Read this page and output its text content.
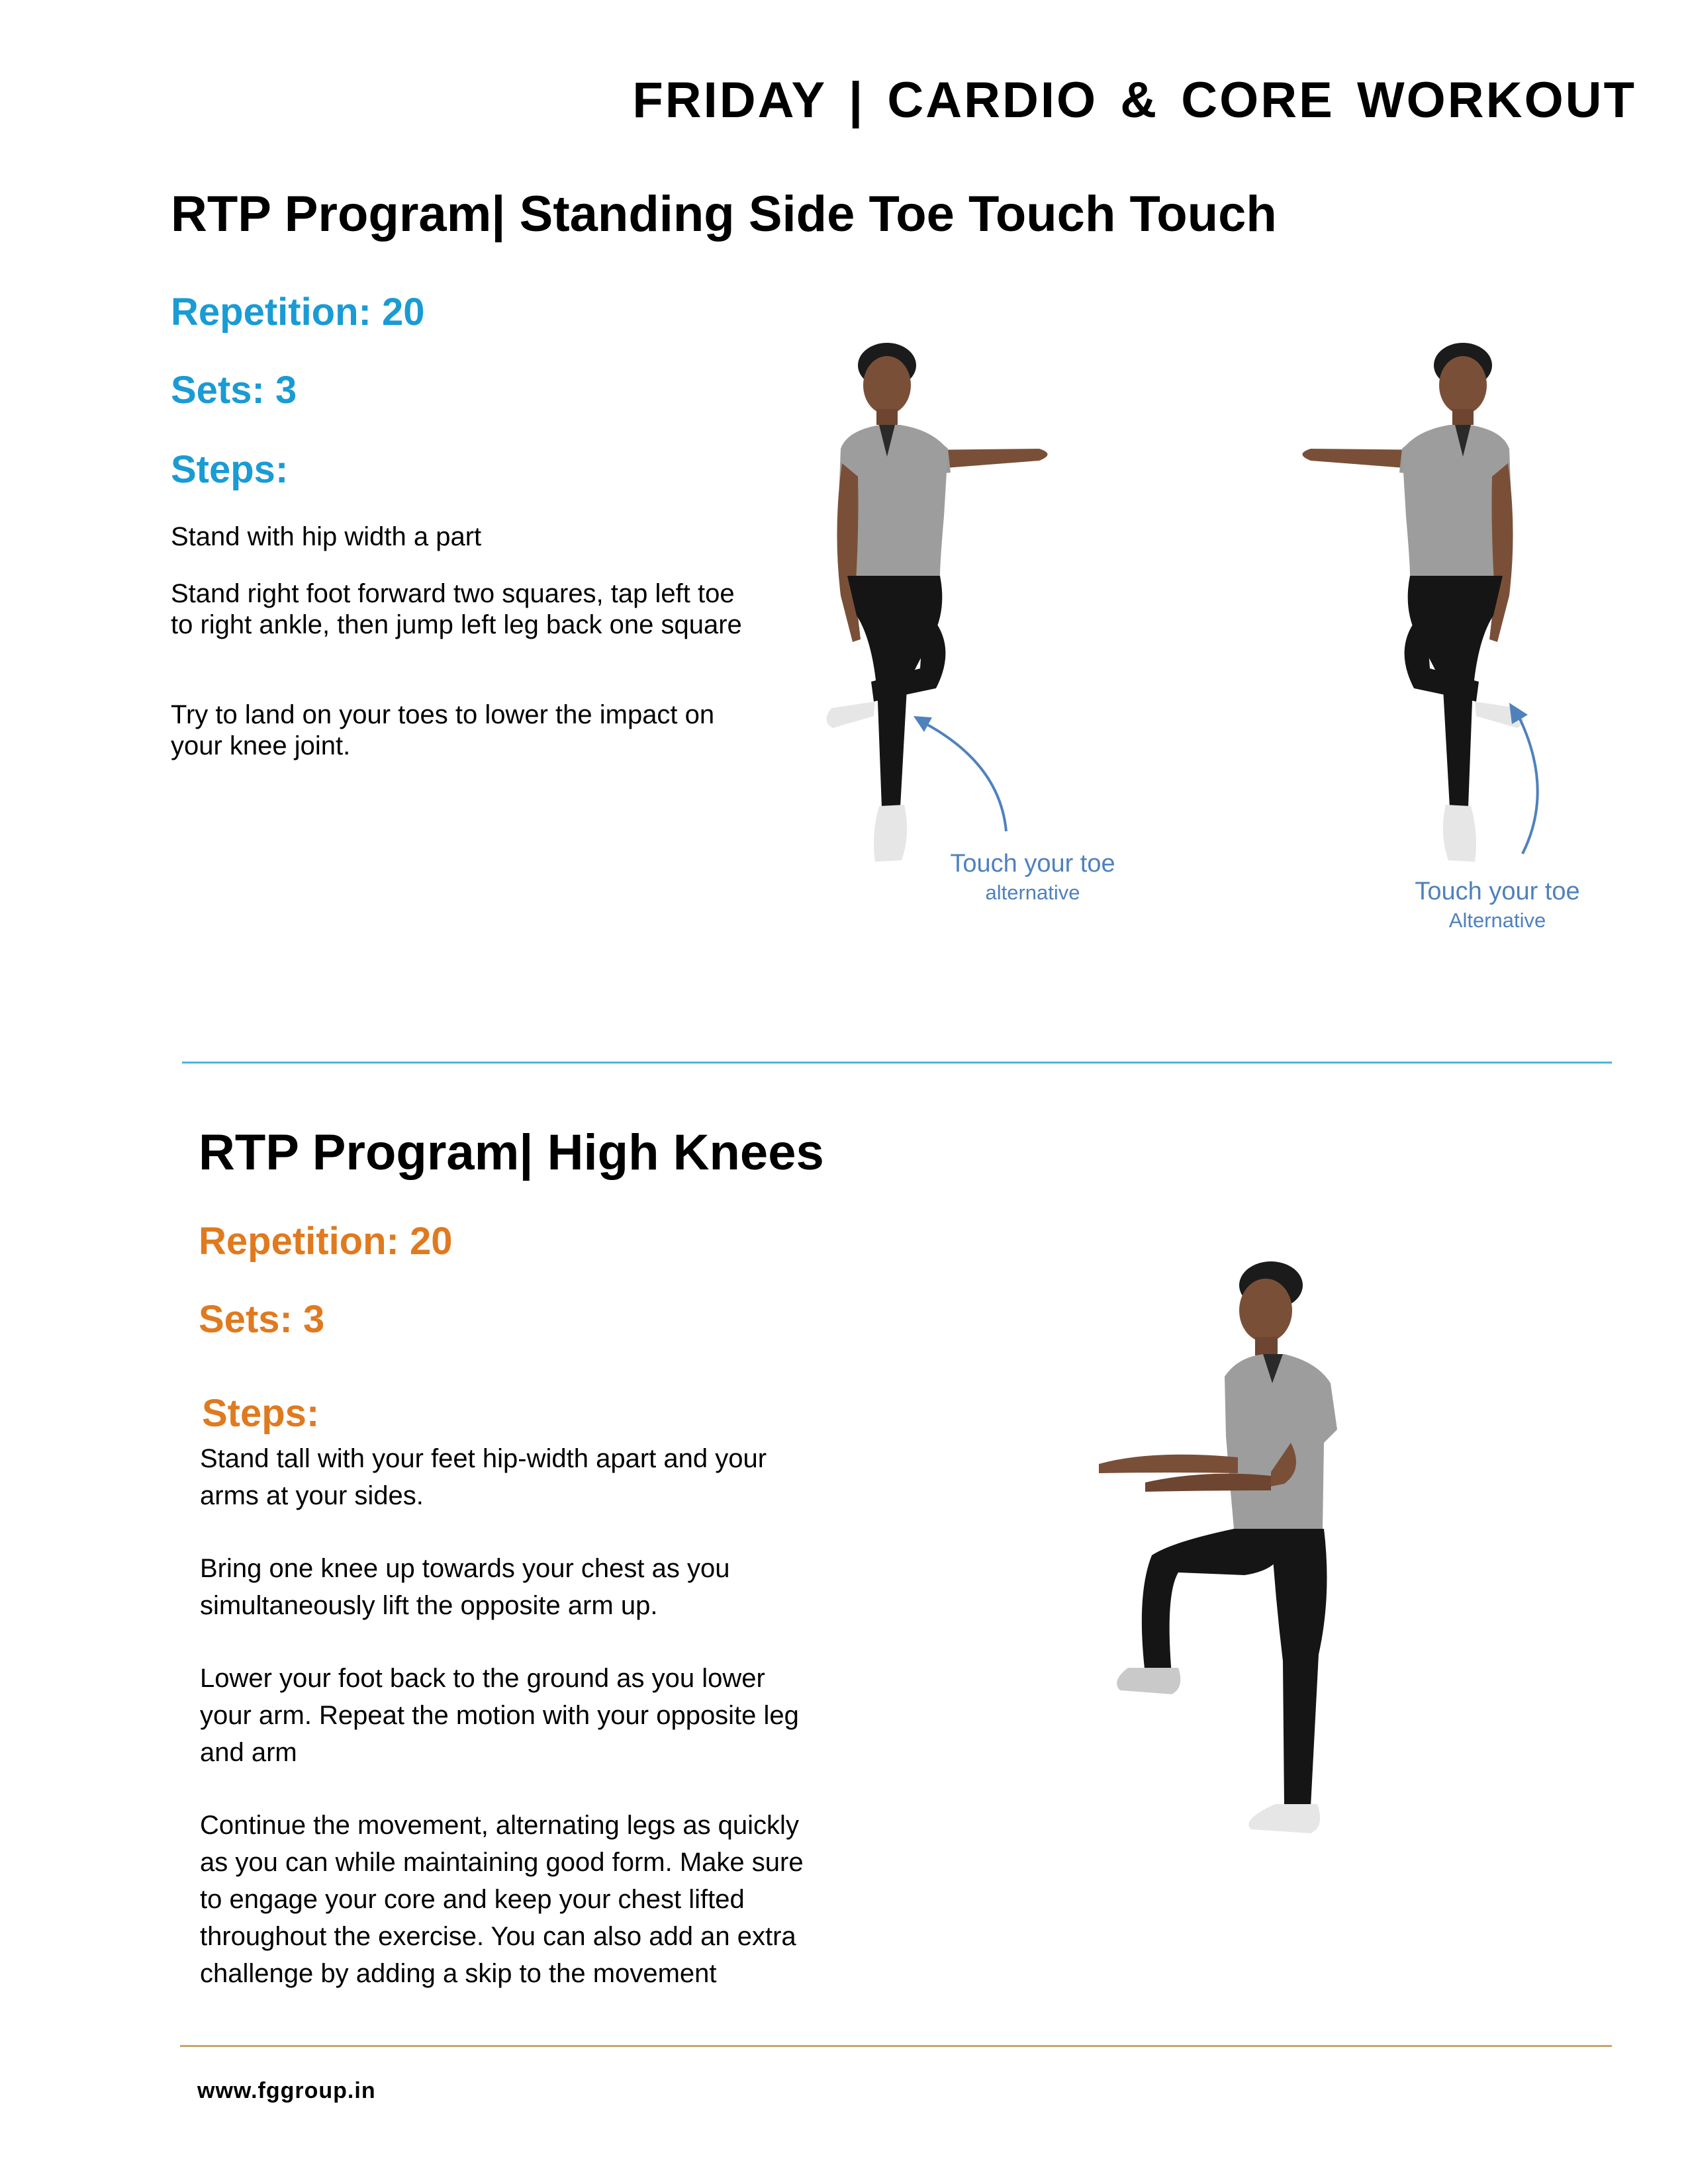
FRIDAY | CARDIO & CORE WORKOUT
RTP Program| Standing Side Toe Touch Touch
Repetition: 20
Sets: 3
Steps:
Stand with hip width a part
Stand right foot forward two squares, tap left toe to right ankle, then jump left leg back one square
Try to land on your toes to lower the impact on your knee joint.
Touch your toe
alternative	Touch your toe
Alternative
RTP Program| High Knees
Repetition: 20
Sets: 3
Steps:
Stand tall with your feet hip-width apart and your arms at your sides.
Bring one knee up towards your chest as you simultaneously lift the opposite arm up.
Lower your foot back to the ground as you lower your arm. Repeat the motion with your opposite leg and arm
Continue the movement, alternating legs as quickly as you can while maintaining good form. Make sure to engage your core and keep your chest lifted throughout the exercise. You can also add an extra challenge by adding a skip to the movement
www.fggroup.in
